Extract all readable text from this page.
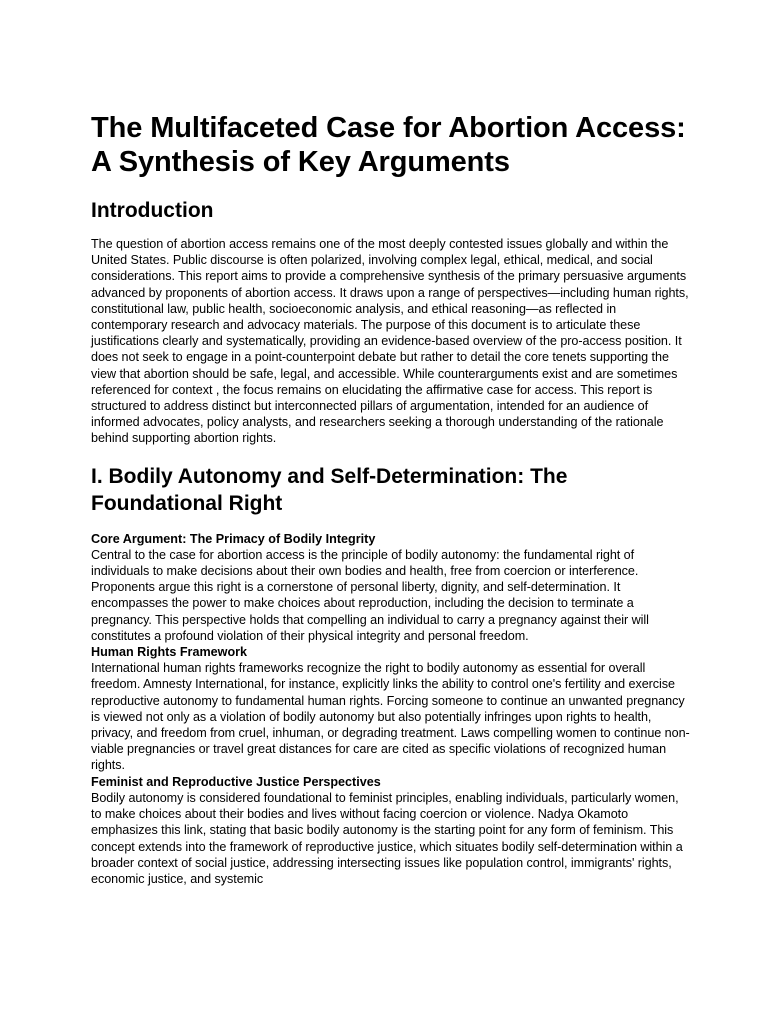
The Multifaceted Case for Abortion Access: A Synthesis of Key Arguments
Introduction

The question of abortion access remains one of the most deeply contested issues globally and within the United States. Public discourse is often polarized, involving complex legal, ethical, medical, and social considerations. This report aims to provide a comprehensive synthesis of the primary persuasive arguments advanced by proponents of abortion access. It draws upon a range of perspectives—including human rights, constitutional law, public health, socioeconomic analysis, and ethical reasoning—as reflected in contemporary research and advocacy materials. The purpose of this document is to articulate these justifications clearly and systematically, providing an evidence-based overview of the pro-access position. It does not seek to engage in a point-counterpoint debate but rather to detail the core tenets supporting the view that abortion should be safe, legal, and accessible. While counterarguments exist and are sometimes referenced for context , the focus remains on elucidating the affirmative case for access. This report is structured to address distinct but interconnected pillars of argumentation, intended for an audience of informed advocates, policy analysts, and researchers seeking a thorough understanding of the rationale behind supporting abortion rights.

I. Bodily Autonomy and Self-Determination: The Foundational Right
Core Argument: The Primacy of Bodily Integrity

Central to the case for abortion access is the principle of bodily autonomy: the fundamental right of individuals to make decisions about their own bodies and health, free from coercion or interference. Proponents argue this right is a cornerstone of personal liberty, dignity, and self-determination. It encompasses the power to make choices about reproduction, including the decision to terminate a pregnancy. This perspective holds that compelling an individual to carry a pregnancy against their will constitutes a profound violation of their physical integrity and personal freedom.

Human Rights Framework

International human rights frameworks recognize the right to bodily autonomy as essential for overall freedom. Amnesty International, for instance, explicitly links the ability to control one's fertility and exercise reproductive autonomy to fundamental human rights. Forcing someone to continue an unwanted pregnancy is viewed not only as a violation of bodily autonomy but also potentially infringes upon rights to health, privacy, and freedom from cruel, inhuman, or degrading treatment. Laws compelling women to continue non-viable pregnancies or travel great distances for care are cited as specific violations of recognized human rights.

Feminist and Reproductive Justice Perspectives

Bodily autonomy is considered foundational to feminist principles, enabling individuals, particularly women, to make choices about their bodies and lives without facing coercion or violence. Nadya Okamoto emphasizes this link, stating that basic bodily autonomy is the starting point for any form of feminism. This concept extends into the framework of reproductive justice, which situates bodily self-determination within a broader context of social justice, addressing intersecting issues like population control, immigrants' rights, economic justice, and systemic
